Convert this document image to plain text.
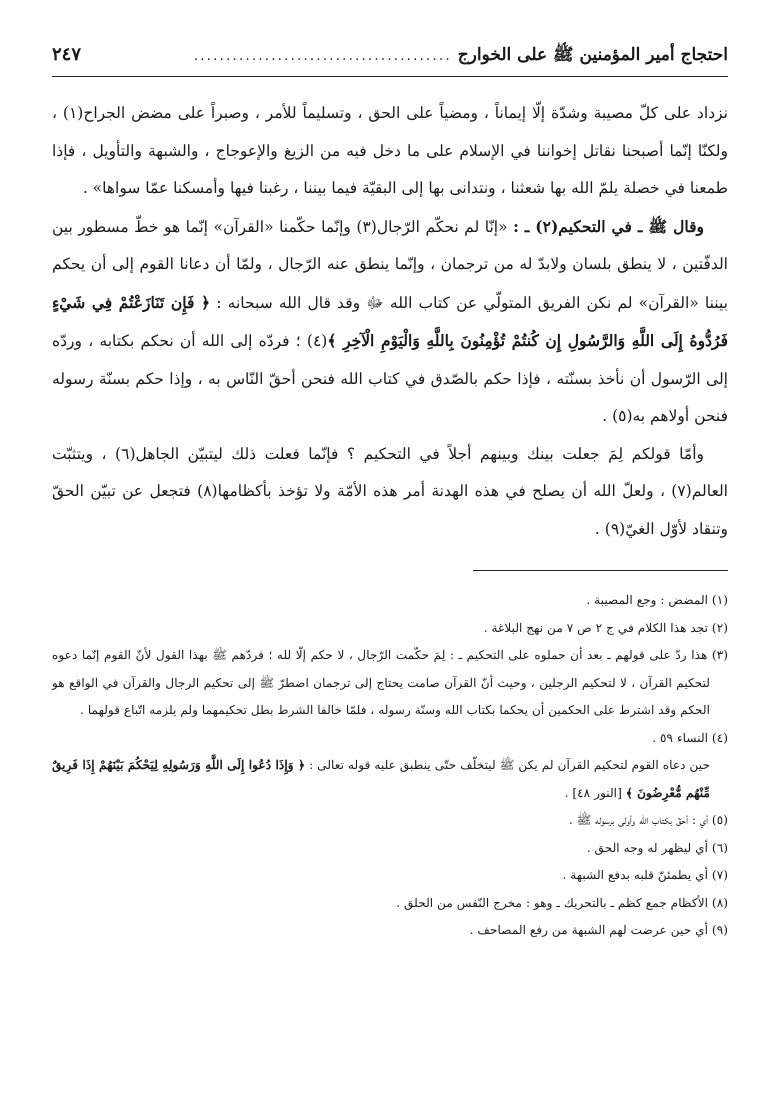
احتجاج أمير المؤمنين ﷺ على الخوارج
........................................
٢٤٧

نزداد على كلّ مصيبة وشدّة إلّا إيماناً ، ومضياً على الحق ، وتسليماً للأمر ، وصبراً على مضض الجراح(١) ، ولكنّا إنّما أصبحنا نقاتل إخواننا في الإسلام على ما دخل فيه من الزيغ والإعوجاج ، والشبهة والتأويل ، فإذا طمعنا في خصلة يلمّ الله بها شعثنا ، ونتدانى بها إلى البقيّة فيما بيننا ، رغبنا فيها وأمسكنا عمّا سواها» .

وقال ﷺ ـ في التحكيم(٢) ـ : «إنّا لم نحكّم الرّجال(٣) وإنّما حكّمنا «القرآن» إنّما هو خطّ مسطور بين الدفّتين ، لا ينطق بلسان ولابدّ له من ترجمان ، وإنّما ينطق عنه الرّجال ، ولمّا أن دعانا القوم إلى أن يحكم بيننا «القرآن» لم نكن الفريق المتولّي عن كتاب الله ﷻ وقد قال الله سبحانه : ﴿ فَإِن تَنَازَعْتُمْ فِي شَيْءٍ فَرُدُّوهُ إِلَى اللَّهِ وَالرَّسُولِ إِن كُنتُمْ تُؤْمِنُونَ بِاللَّهِ وَالْيَوْمِ الْآخِرِ ﴾(٤) ؛ فردّه إلى الله أن نحكم بكتابه ، وردّه إلى الرّسول أن نأخذ بسنّته ، فإذا حكم بالصّدق في كتاب الله فنحن أحقّ النّاس به ، وإذا حكم بسنّة رسوله فنحن أولاهم به(٥) .

وأمّا قولكم لِمَ جعلت بينك وبينهم أجلاً في التحكيم ؟ فإنّما فعلت ذلك ليتبيّن الجاهل(٦) ، ويتثبّت العالم(٧) ، ولعلّ الله أن يصلح في هذه الهدنة أمر هذه الأمّة ولا تؤخذ بأكظامها(٨) فتجعل عن تبيّن الحقّ وتنقاد لأوّل الغيّ(٩) .

(١) المضض : وجع المصيبة .

(٢) تجد هذا الكلام في ج ٢ ص ٧ من نهج البلاغة .

(٣) هذا ردّ على قولهم ـ بعد أن حملوه على التحكيم ـ : لِمَ حكّمت الرّجال ، لا حكم إلّا لله ؛ فردّهم ﷺ بهذا القول لأنّ القوم إنّما دعوه لتحكيم القرآن ، لا لتحكيم الرجلين ، وحيث أنّ القرآن صامت يحتاج إلى ترجمان اضطرّ ﷺ إلى تحكيم الرجال والقرآن في الواقع هو الحكم وقد اشترط على الحكمين أن يحكما بكتاب الله وسنّة رسوله ، فلمّا خالفا الشرط بطل تحكيمهما ولم يلزمه اتّباع قولهما .

(٤) النساء ٥٩ .

حين دعاه القوم لتحكيم القرآن لم يكن ﷺ ليتخلّف حتّى ينطبق عليه قوله تعالى : ﴿ وَإِذَا دُعُوا إِلَى اللَّهِ وَرَسُولِهِ لِيَحْكُمَ بَيْنَهُمْ إِذَا فَرِيقٌ مِّنْهُم مُّعْرِضُونَ ﴾ [النور ٤٨] .

(٥) أي : أحقّ بكتاب الله وأولى برسوله ﷺ .

(٦) أي ليظهر له وجه الحق .

(٧) أي يطمئنّ قلبه بدفع الشبهة .

(٨) الأكظام جمع كظم ـ بالتحريك ـ وهو : مخرج النّفس من الحلق .

(٩) أي حين عرضت لهم الشبهة من رفع المصاحف .
